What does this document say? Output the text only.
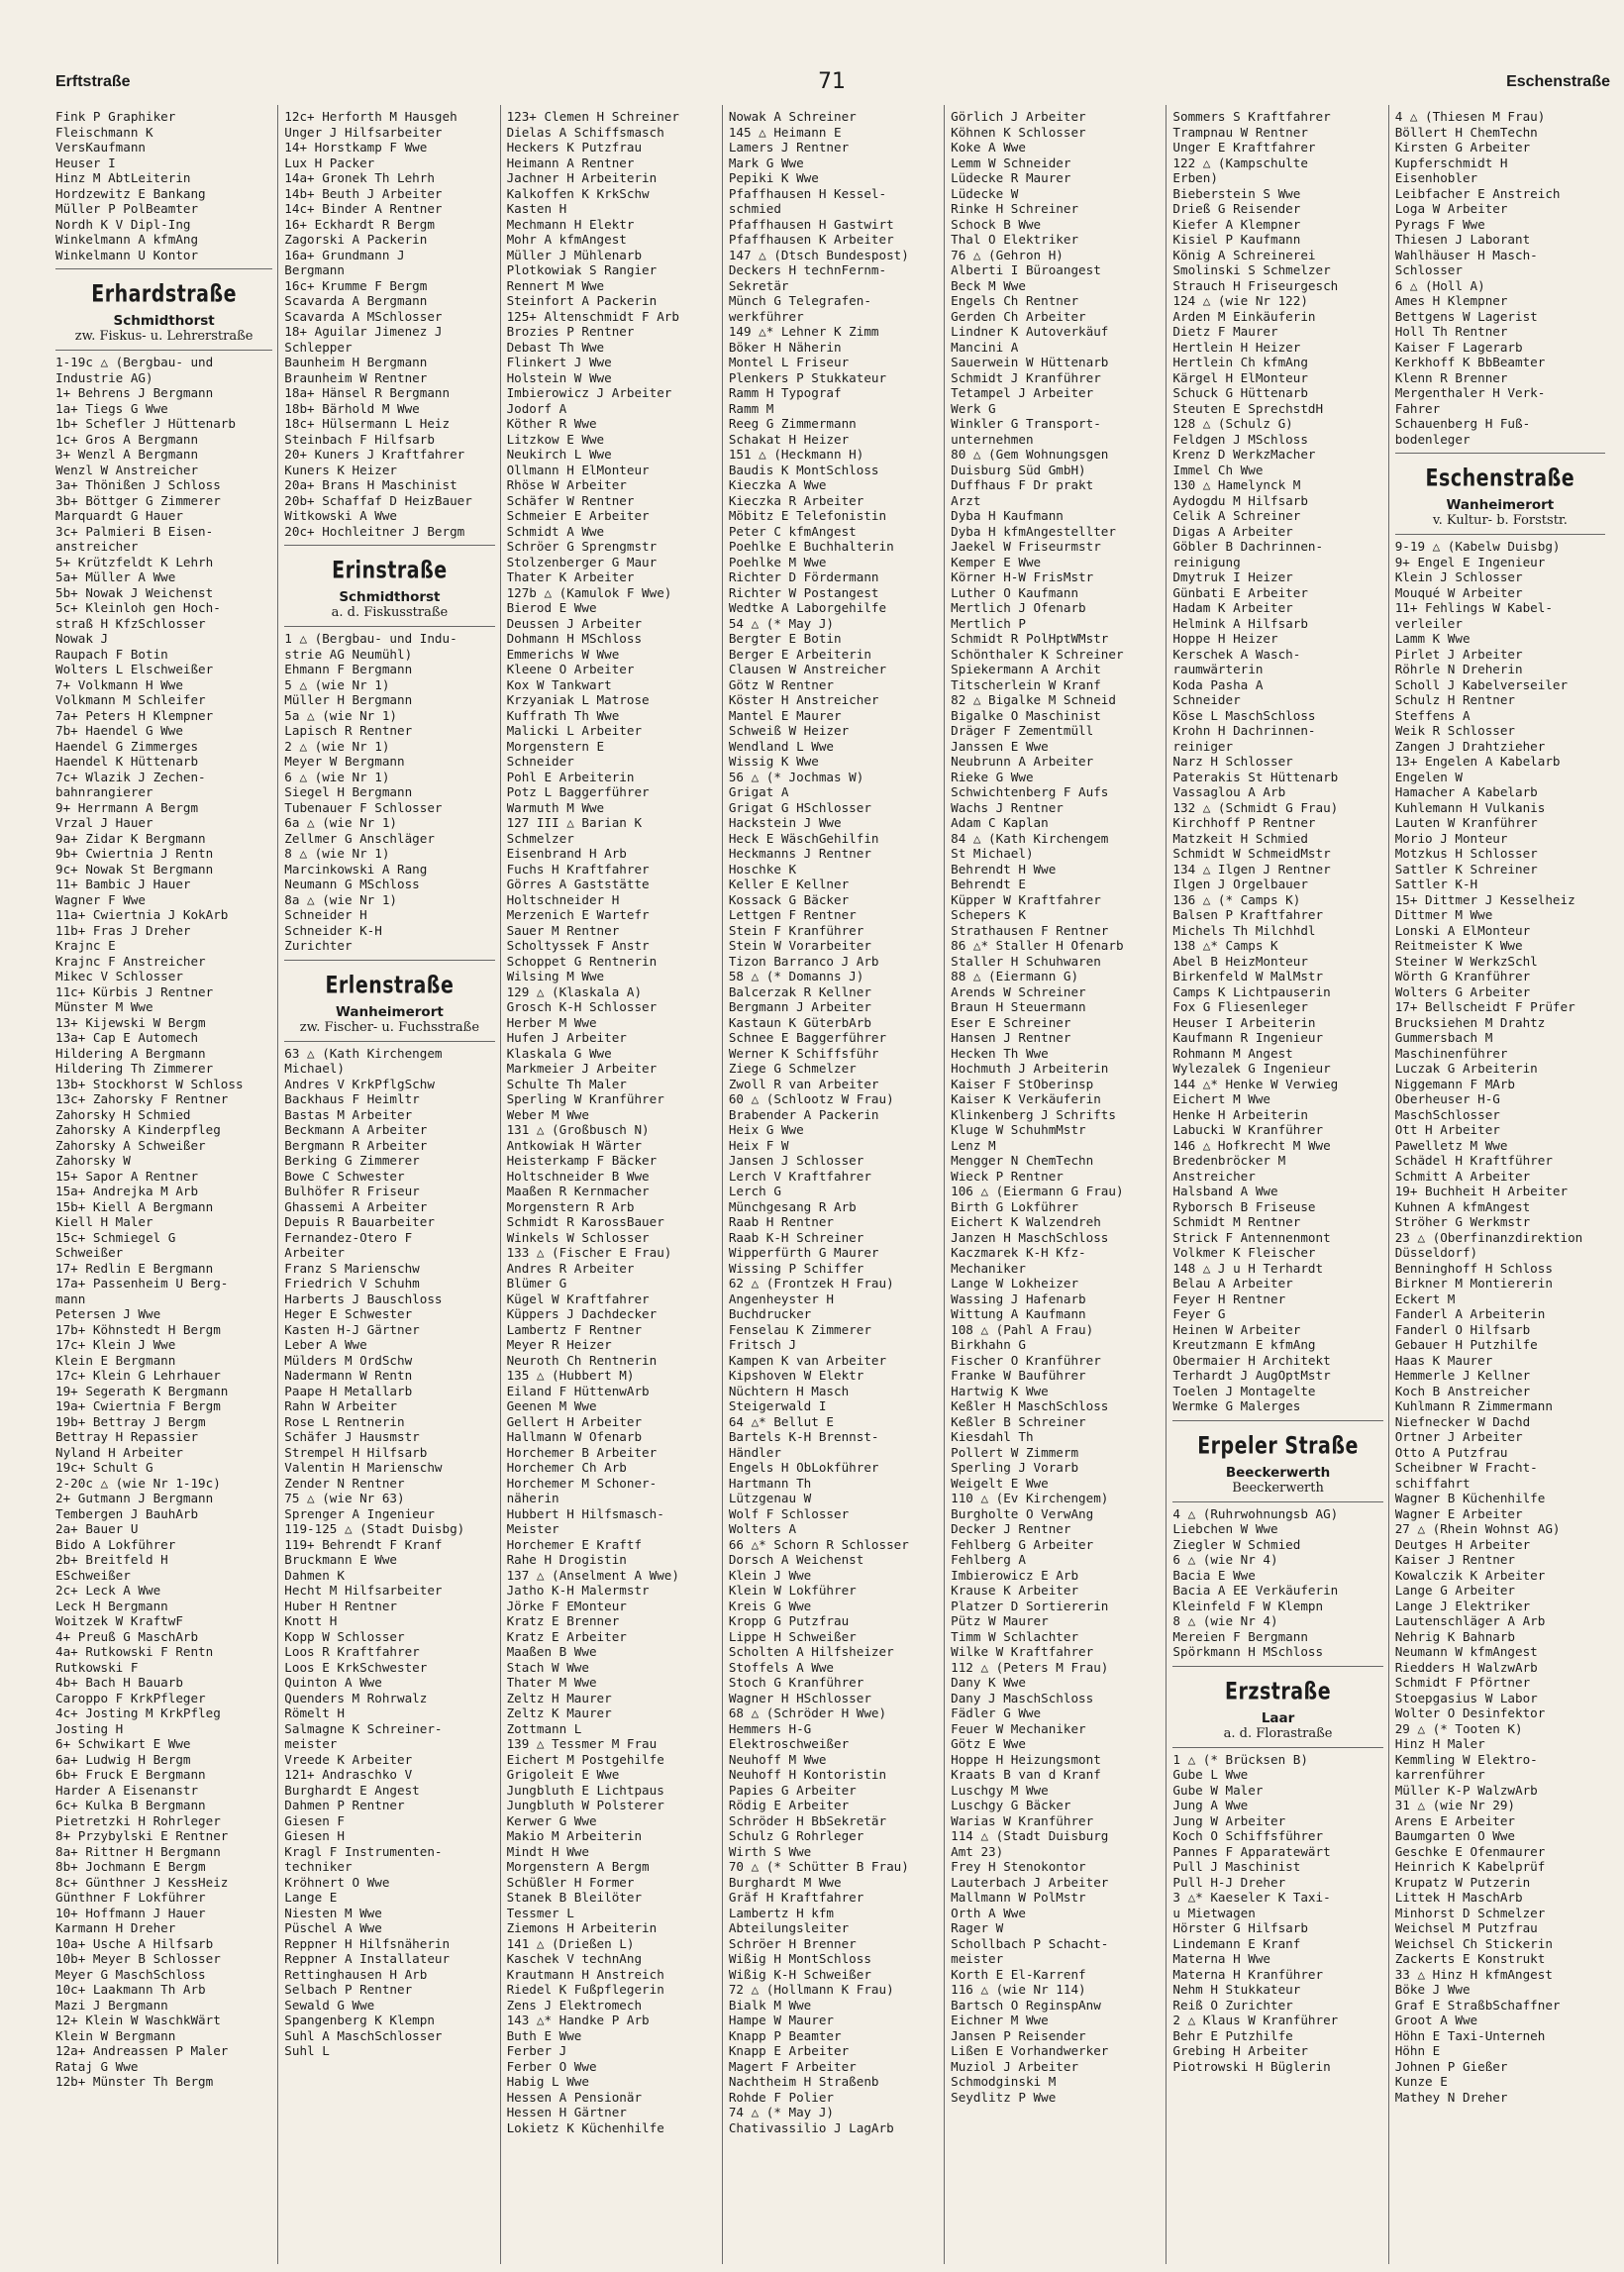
Erftstraße	71	Eschenstraße
Fink P Graphiker
Fleischmann K
VersKaufmann
Heuser I
Hinz M AbtLeiterin
Hordzewitz E Bankang
Müller P PolBeamter
Nordh K V Dipl-Ing
Winkelmann A kfmAng
Winkelmann U Kontor
Erhardstraße
Schmidthorst
zw. Fiskus- u. Lehrerstraße
1-19c △ (Bergbau- und
Industrie AG)
1+ Behrens J Bergmann
1a+ Tiegs G Wwe
1b+ Schefler J Hüttenarb
1c+ Gros A Bergmann
3+ Wenzl A Bergmann
Wenzl W Anstreicher
3a+ Thönißen J Schloss
3b+ Böttger G Zimmerer
Marquardt G Hauer
3c+ Palmieri B Eisen-
anstreicher
5+ Krützfeldt K Lehrh
5a+ Müller A Wwe
5b+ Nowak J Weichenst
5c+ Kleinloh gen Hoch-
straß H KfzSchlosser
Nowak J
Raupach F Botin
Wolters L Elschweißer
7+ Volkmann H Wwe
Volkmann M Schleifer
7a+ Peters H Klempner
7b+ Haendel G Wwe
Haendel G Zimmerges
Haendel K Hüttenarb
7c+ Wlazik J Zechen-
bahnrangierer
9+ Herrmann A Bergm
Vrzal J Hauer
9a+ Zidar K Bergmann
9b+ Cwiertnia J Rentn
9c+ Nowak St Bergmann
11+ Bambic J Hauer
Wagner F Wwe
11a+ Cwiertnia J KokArb
11b+ Fras J Dreher
Krajnc E
Krajnc F Anstreicher
Mikec V Schlosser
11c+ Kürbis J Rentner
Münster M Wwe
13+ Kijewski W Bergm
13a+ Cap E Automech
Hildering A Bergmann
Hildering Th Zimmerer
13b+ Stockhorst W Schloss
13c+ Zahorsky F Rentner
Zahorsky H Schmied
Zahorsky A Kinderpfleg
Zahorsky A Schweißer
Zahorsky W
15+ Sapor A Rentner
15a+ Andrejka M Arb
15b+ Kiell A Bergmann
Kiell H Maler
15c+ Schmiegel G
Schweißer
17+ Redlin E Bergmann
17a+ Passenheim U Berg-
mann
Petersen J Wwe
17b+ Köhnstedt H Bergm
17c+ Klein J Wwe
Klein E Bergmann
17c+ Klein G Lehrhauer
19+ Segerath K Bergmann
19a+ Cwiertnia F Bergm
19b+ Bettray J Bergm
Bettray H Repassier
Nyland H Arbeiter
19c+ Schult G
2-20c △ (wie Nr 1-19c)
2+ Gutmann J Bergmann
Tembergen J BauhArb
2a+ Bauer U
Bido A Lokführer
2b+ Breitfeld H
ESchweißer
2c+ Leck A Wwe
Leck H Bergmann
Woitzek W KraftwF
4+ Preuß G MaschArb
4a+ Rutkowski F Rentn
Rutkowski F
4b+ Bach H Bauarb
Caroppo F KrkPfleger
4c+ Josting M KrkPfleg
Josting H
6+ Schwikart E Wwe
6a+ Ludwig H Bergm
6b+ Fruck E Bergmann
Harder A Eisenanstr
6c+ Kulka B Bergmann
Pietretzki H Rohrleger
8+ Przybylski E Rentner
8a+ Rittner H Bergmann
8b+ Jochmann E Bergm
8c+ Günthner J KessHeiz
Günthner F Lokführer
10+ Hoffmann J Hauer
Karmann H Dreher
10a+ Usche A Hilfsarb
10b+ Meyer B Schlosser
Meyer G MaschSchloss
10c+ Laakmann Th Arb
Mazi J Bergmann
12+ Klein W WaschkWärt
Klein W Bergmann
12a+ Andreassen P Maler
Rataj G Wwe
12b+ Münster Th Bergm
12c+ Herforth M Hausgeh
Unger J Hilfsarbeiter
14+ Horstkamp F Wwe
Lux H Packer
14a+ Gronek Th Lehrh
14b+ Beuth J Arbeiter
14c+ Binder A Rentner
16+ Eckhardt R Bergm
Zagorski A Packerin
16a+ Grundmann J
Bergmann
16c+ Krumme F Bergm
Scavarda A Bergmann
Scavarda A MSchlosser
18+ Aguilar Jimenez J
Schlepper
Baunheim H Bergmann
Braunheim W Rentner
18a+ Hänsel R Bergmann
18b+ Bärhold M Wwe
18c+ Hülsermann L Heiz
Steinbach F Hilfsarb
20+ Kuners J Kraftfahrer
Kuners K Heizer
20a+ Brans H Maschinist
20b+ Schaffaf D HeizBauer
Witkowski A Wwe
20c+ Hochleitner J Bergm
Erinstraße
Schmidthorst
a. d. Fiskusstraße
1 △ (Bergbau- und Indu-
strie AG Neumühl)
Ehmann F Bergmann
5 △ (wie Nr 1)
Müller H Bergmann
5a △ (wie Nr 1)
Lapisch R Rentner
2 △ (wie Nr 1)
Meyer W Bergmann
6 △ (wie Nr 1)
Siegel H Bergmann
Tubenauer F Schlosser
6a △ (wie Nr 1)
Zellmer G Anschläger
8 △ (wie Nr 1)
Marcinkowski A Rang
Neumann G MSchloss
8a △ (wie Nr 1)
Schneider H
Schneider K-H
Zurichter
Erlenstraße
Wanheimerort
zw. Fischer- u. Fuchsstraße
63 △ (Kath Kirchengem
Michael)
Andres V KrkPflgSchw
Backhaus F Heimltr
Bastas M Arbeiter
Beckmann A Arbeiter
Bergmann R Arbeiter
Berking G Zimmerer
Bowe C Schwester
Bulhöfer R Friseur
Ghassemi A Arbeiter
Depuis R Bauarbeiter
Fernandez-Otero F
Arbeiter
Franz S Marienschw
Friedrich V Schuhm
Harberts J Bauschloss
Heger E Schwester
Kasten H-J Gärtner
Leber A Wwe
Mülders M OrdSchw
Nadermann W Rentn
Paape H Metallarb
Rahn W Arbeiter
Rose L Rentnerin
Schäfer J Hausmstr
Strempel H Hilfsarb
Valentin H Marienschw
Zender N Rentner
75 △ (wie Nr 63)
Sprenger A Ingenieur
119-125 △ (Stadt Duisbg)
119+ Behrendt F Kranf
Bruckmann E Wwe
Dahmen K
Hecht M Hilfsarbeiter
Huber H Rentner
Knott H
Kopp W Schlosser
Loos R Kraftfahrer
Loos E KrkSchwester
Quinton A Wwe
Quenders M Rohrwalz
Römelt H
Salmagne K Schreiner-
meister
Vreede K Arbeiter
121+ Andraschko V
Burghardt E Angest
Dahmen P Rentner
Giesen F
Giesen H
Kragl F Instrumenten-
techniker
Kröhnert O Wwe
Lange E
Niesten M Wwe
Püschel A Wwe
Reppner H Hilfsnäherin
Reppner A Installateur
Rettinghausen H Arb
Selbach P Rentner
Sewald G Wwe
Spangenberg K Klempn
Suhl A MaschSchlosser
Suhl L
123+ Clemen H Schreiner
Dielas A Schiffsmasch
Heckers K Putzfrau
Heimann A Rentner
Jachner H Arbeiterin
Kalkoffen K KrkSchw
Kasten H
Mechmann H Elektr
Mohr A kfmAngest
Müller J Mühlenarb
Plotkowiak S Rangier
Rennert M Wwe
Steinfort A Packerin
125+ Altenschmidt F Arb
Brozies P Rentner
Debast Th Wwe
Flinkert J Wwe
Holstein W Wwe
Imbierowicz J Arbeiter
Jodorf A
Köther R Wwe
Litzkow E Wwe
Neukirch L Wwe
Ollmann H ElMonteur
Rhöse W Arbeiter
Schäfer W Rentner
Schmeier E Arbeiter
Schmidt A Wwe
Schröer G Sprengmstr
Stolzenberger G Maur
Thater K Arbeiter
127b △ (Kamulok F Wwe)
Bierod E Wwe
Deussen J Arbeiter
Dohmann H MSchloss
Emmerichs W Wwe
Kleene O Arbeiter
Kox W Tankwart
Krzyaniak L Matrose
Kuffrath Th Wwe
Malicki L Arbeiter
Morgenstern E
Schneider
Pohl E Arbeiterin
Potz L Baggerführer
Warmuth M Wwe
127 III △ Barian K
Schmelzer
Eisenbrand H Arb
Fuchs H Kraftfahrer
Görres A Gaststätte
Holtschneider H
Merzenich E Wartefr
Sauer M Rentner
Scholtyssek F Anstr
Schoppet G Rentnerin
Wilsing M Wwe
129 △ (Klaskala A)
Grosch K-H Schlosser
Herber M Wwe
Hufen J Arbeiter
Klaskala G Wwe
Markmeier J Arbeiter
Schulte Th Maler
Sperling W Kranführer
Weber M Wwe
131 △ (Großbusch N)
Antkowiak H Wärter
Heisterkamp F Bäcker
Holtschneider B Wwe
Maaßen R Kernmacher
Morgenstern R Arb
Schmidt R KarossBauer
Winkels W Schlosser
133 △ (Fischer E Frau)
Andres R Arbeiter
Blümer G
Kügel W Kraftfahrer
Küppers J Dachdecker
Lambertz F Rentner
Meyer R Heizer
Neuroth Ch Rentnerin
135 △ (Hubbert M)
Eiland F HüttenwArb
Geenen M Wwe
Gellert H Arbeiter
Hallmann W Ofenarb
Horchemer B Arbeiter
Horchemer Ch Arb
Horchemer M Schoner-
näherin
Hubbert H Hilfsmasch-
Meister
Horchemer E Kraftf
Rahe H Drogistin
137 △ (Anselment A Wwe)
Jatho K-H Malermstr
Jörke F EMonteur
Kratz E Brenner
Kratz E Arbeiter
Maaßen B Wwe
Stach W Wwe
Thater M Wwe
Zeltz H Maurer
Zeltz K Maurer
Zottmann L
139 △ Tessmer M Frau
Eichert M Postgehilfe
Grigoleit E Wwe
Jungbluth E Lichtpaus
Jungbluth W Polsterer
Kerwer G Wwe
Makio M Arbeiterin
Mindt H Wwe
Morgenstern A Bergm
Schüßler H Former
Stanek B Bleilöter
Tessmer L
Ziemons H Arbeiterin
141 △ (Drießen L)
Kaschek V technAng
Krautmann H Anstreich
Riedel K Fußpflegerin
Zens J Elektromech
143 △* Handke P Arb
Buth E Wwe
Ferber J
Ferber O Wwe
Habig L Wwe
Hessen A Pensionär
Hessen H Gärtner
Lokietz K Küchenhilfe
Nowak A Schreiner
145 △ Heimann E
Lamers J Rentner
Mark G Wwe
Pepiki K Wwe
Pfaffhausen H Kessel-
schmied
Pfaffhausen H Gastwirt
Pfaffhausen K Arbeiter
147 △ (Dtsch Bundespost)
Deckers H technFernm-
Sekretär
Münch G Telegrafen-
werkführer
149 △* Lehner K Zimm
Böker H Näherin
Montel L Friseur
Plenkers P Stukkateur
Ramm H Typograf
Ramm M
Reeg G Zimmermann
Schakat H Heizer
151 △ (Heckmann H)
Baudis K MontSchloss
Kieczka A Wwe
Kieczka R Arbeiter
Möbitz E Telefonistin
Peter C kfmAngest
Poehlke E Buchhalterin
Poehlke M Wwe
Richter D Fördermann
Richter W Postangest
Wedtke A Laborgehilfe
54 △ (* May J)
Bergter E Botin
Berger E Arbeiterin
Clausen W Anstreicher
Götz W Rentner
Köster H Anstreicher
Mantel E Maurer
Schweiß W Heizer
Wendland L Wwe
Wissig K Wwe
56 △ (* Jochmas W)
Grigat A
Grigat G HSchlosser
Hackstein J Wwe
Heck E WäschGehilfin
Heckmanns J Rentner
Hoschke K
Keller E Kellner
Kossack G Bäcker
Lettgen F Rentner
Stein F Kranführer
Stein W Vorarbeiter
Tizon Barranco J Arb
58 △ (* Domanns J)
Balcerzak R Kellner
Bergmann J Arbeiter
Kastaun K GüterbArb
Schnee E Baggerführer
Werner K Schiffsführ
Ziege G Schmelzer
Zwoll R van Arbeiter
60 △ (Schlootz W Frau)
Brabender A Packerin
Heix G Wwe
Heix F W
Jansen J Schlosser
Lerch V Kraftfahrer
Lerch G
Münchgesang R Arb
Raab H Rentner
Raab K-H Schreiner
Wipperfürth G Maurer
Wissing P Schiffer
62 △ (Frontzek H Frau)
Angenheyster H
Buchdrucker
Fenselau K Zimmerer
Fritsch J
Kampen K van Arbeiter
Kipshoven W Elektr
Nüchtern H Masch
Steigerwald I
64 △* Bellut E
Bartels K-H Brennst-
Händler
Engels H ObLokführer
Hartmann Th
Lützgenau W
Wolf F Schlosser
Wolters A
66 △* Schorn R Schlosser
Dorsch A Weichenst
Klein J Wwe
Klein W Lokführer
Kreis G Wwe
Kropp G Putzfrau
Lippe H Schweißer
Scholten A Hilfsheizer
Stoffels A Wwe
Stoch G Kranführer
Wagner H HSchlosser
68 △ (Schröder H Wwe)
Hemmers H-G
Elektroschweißer
Neuhoff M Wwe
Neuhoff H Kontoristin
Papies G Arbeiter
Rödig E Arbeiter
Schröder H BbSekretär
Schulz G Rohrleger
Wirth S Wwe
70 △ (* Schütter B Frau)
Burghardt M Wwe
Gräf H Kraftfahrer
Lambertz H kfm
Abteilungsleiter
Schröer H Brenner
Wißig H MontSchloss
Wißig K-H Schweißer
72 △ (Hollmann K Frau)
Bialk M Wwe
Hampe W Maurer
Knapp P Beamter
Knapp E Arbeiter
Magert F Arbeiter
Nachtheim H Straßenb
Rohde F Polier
74 △ (* May J)
Chativassilio J LagArb
Görlich J Arbeiter
Köhnen K Schlosser
Koke A Wwe
Lemm W Schneider
Lüdecke R Maurer
Lüdecke W
Rinke H Schreiner
Schock B Wwe
Thal O Elektriker
76 △ (Gehron H)
Alberti I Büroangest
Beck M Wwe
Engels Ch Rentner
Gerden Ch Arbeiter
Lindner K Autoverkäuf
Mancini A
Sauerwein W Hüttenarb
Schmidt J Kranführer
Tetampel J Arbeiter
Werk G
Winkler G Transport-
unternehmen
80 △ (Gem Wohnungsgen
Duisburg Süd GmbH)
Duffhaus F Dr prakt
Arzt
Dyba H Kaufmann
Dyba H kfmAngestellter
Jaekel W Friseurmstr
Kemper E Wwe
Körner H-W FrisMstr
Luther O Kaufmann
Mertlich J Ofenarb
Mertlich P
Schmidt R PolHptWMstr
Schönthaler K Schreiner
Spiekermann A Archit
Titscherlein W Kranf
82 △ Bigalke M Schneid
Bigalke O Maschinist
Dräger F Zementmüll
Janssen E Wwe
Neubrunn A Arbeiter
Rieke G Wwe
Schwichtenberg F Aufs
Wachs J Rentner
Adam C Kaplan
84 △ (Kath Kirchengem
St Michael)
Behrendt H Wwe
Behrendt E
Küpper W Kraftfahrer
Schepers K
Strathausen F Rentner
86 △* Staller H Ofenarb
Staller H Schuhwaren
88 △ (Eiermann G)
Arends W Schreiner
Braun H Steuermann
Eser E Schreiner
Hansen J Rentner
Hecken Th Wwe
Hochmuth J Arbeiterin
Kaiser F StOberinsp
Kaiser K Verkäuferin
Klinkenberg J Schrifts
Kluge W SchuhmMstr
Lenz M
Mengger N ChemTechn
Wieck P Rentner
106 △ (Eiermann G Frau)
Birth G Lokführer
Eichert K Walzendreh
Janzen H MaschSchloss
Kaczmarek K-H Kfz-
Mechaniker
Lange W Lokheizer
Wassing J Hafenarb
Wittung A Kaufmann
108 △ (Pahl A Frau)
Birkhahn G
Fischer O Kranführer
Franke W Bauführer
Hartwig K Wwe
Keßler H MaschSchloss
Keßler B Schreiner
Kiesdahl Th
Pollert W Zimmerm
Sperling J Vorarb
Weigelt E Wwe
110 △ (Ev Kirchengem)
Burgholte O VerwAng
Decker J Rentner
Fehlberg G Arbeiter
Fehlberg A
Imbierowicz E Arb
Krause K Arbeiter
Platzer D Sortiererin
Pütz W Maurer
Timm W Schlachter
Wilke W Kraftfahrer
112 △ (Peters M Frau)
Dany K Wwe
Dany J MaschSchloss
Fädler G Wwe
Feuer W Mechaniker
Götz E Wwe
Hoppe H Heizungsmont
Kraats B van d Kranf
Luschgy M Wwe
Luschgy G Bäcker
Warias W Kranführer
114 △ (Stadt Duisburg
Amt 23)
Frey H Stenokontor
Lauterbach J Arbeiter
Mallmann W PolMstr
Orth A Wwe
Rager W
Schollbach P Schacht-
meister
Korth E El-Karrenf
116 △ (wie Nr 114)
Bartsch O ReginspAnw
Eichner M Wwe
Jansen P Reisender
Lißen E Vorhandwerker
Muziol J Arbeiter
Schmodginski M
Seydlitz P Wwe
Sommers S Kraftfahrer
Trampnau W Rentner
Unger E Kraftfahrer
122 △ (Kampschulte
Erben)
Bieberstein S Wwe
Drieß G Reisender
Kiefer A Klempner
Kisiel P Kaufmann
König A Schreinerei
Smolinski S Schmelzer
Strauch H Friseurgesch
124 △ (wie Nr 122)
Arden M Einkäuferin
Dietz F Maurer
Hertlein H Heizer
Hertlein Ch kfmAng
Kärgel H ElMonteur
Schuck G Hüttenarb
Steuten E SprechstdH
128 △ (Schulz G)
Feldgen J MSchloss
Krenz D WerkzMacher
Immel Ch Wwe
130 △ Hamelynck M
Aydogdu M Hilfsarb
Celik A Schreiner
Digas A Arbeiter
Göbler B Dachrinnen-
reinigung
Dmytruk I Heizer
Günbati E Arbeiter
Hadam K Arbeiter
Helmink A Hilfsarb
Hoppe H Heizer
Kerschek A Wasch-
raumwärterin
Koda Pasha A
Schneider
Köse L MaschSchloss
Krohn H Dachrinnen-
reiniger
Narz H Schlosser
Paterakis St Hüttenarb
Vassaglou A Arb
132 △ (Schmidt G Frau)
Kirchhoff P Rentner
Matzkeit H Schmied
Schmidt W SchmeidMstr
134 △ Ilgen J Rentner
Ilgen J Orgelbauer
136 △ (* Camps K)
Balsen P Kraftfahrer
Michels Th Milchhdl
138 △* Camps K
Abel B HeizMonteur
Birkenfeld W MalMstr
Camps K Lichtpauserin
Fox G Fliesenleger
Heuser I Arbeiterin
Kaufmann R Ingenieur
Rohmann M Angest
Wylezalek G Ingenieur
144 △* Henke W Verwieg
Eichert M Wwe
Henke H Arbeiterin
Labucki W Kranführer
146 △ Hofkrecht M Wwe
Bredenbröcker M
Anstreicher
Halsband A Wwe
Ryborsch B Friseuse
Schmidt M Rentner
Strick F Antennenmont
Volkmer K Fleischer
148 △ J u H Terhardt
Belau A Arbeiter
Feyer H Rentner
Feyer G
Heinen W Arbeiter
Kreutzmann E kfmAng
Obermaier H Architekt
Terhardt J AugOptMstr
Toelen J Montagelte
Wermke G Malerges
Erpeler Straße
Beeckerwerth
Beeckerwerth
4 △ (Ruhrwohnungsb AG)
Liebchen W Wwe
Ziegler W Schmied
6 △ (wie Nr 4)
Bacia E Wwe
Bacia A EE Verkäuferin
Kleinfeld F W Klempn
8 △ (wie Nr 4)
Mereien F Bergmann
Spörkmann H MSchloss
Erzstraße
Laar
a. d. Florastraße
1 △ (* Brücksen B)
Gube L Wwe
Gube W Maler
Jung A Wwe
Jung W Arbeiter
Koch O Schiffsführer
Pannes F Apparatewärt
Pull J Maschinist
Pull H-J Dreher
3 △* Kaeseler K Taxi-
u Mietwagen
Hörster G Hilfsarb
Lindemann E Kranf
Materna H Wwe
Materna H Kranführer
Nehm H Stukkateur
Reiß O Zurichter
2 △ Klaus W Kranführer
Behr E Putzhilfe
Grebing H Arbeiter
Piotrowski H Büglerin
4 △ (Thiesen M Frau)
Böllert H ChemTechn
Kirsten G Arbeiter
Kupferschmidt H
Eisenhobler
Leibfacher E Anstreich
Loga W Arbeiter
Pyrags F Wwe
Thiesen J Laborant
Wahlhäuser H Masch-
Schlosser
6 △ (Holl A)
Ames H Klempner
Bettgens W Lagerist
Holl Th Rentner
Kaiser F Lagerarb
Kerkhoff K BbBeamter
Klenn R Brenner
Mergenthaler H Verk-
Fahrer
Schauenberg H Fuß-
bodenleger
Eschenstraße
Wanheimerort
v. Kultur- b. Forststr.
9-19 △ (Kabelw Duisbg)
9+ Engel E Ingenieur
Klein J Schlosser
Mouqué W Arbeiter
11+ Fehlings W Kabel-
verleiler
Lamm K Wwe
Pirlet J Arbeiter
Röhrle N Dreherin
Scholl J Kabelverseiler
Schulz H Rentner
Steffens A
Weik R Schlosser
Zangen J Drahtzieher
13+ Engelen A Kabelarb
Engelen W
Hamacher A Kabelarb
Kuhlemann H Vulkanis
Lauten W Kranführer
Morio J Monteur
Motzkus H Schlosser
Sattler K Schreiner
Sattler K-H
15+ Dittmer J Kesselheiz
Dittmer M Wwe
Lonski A ElMonteur
Reitmeister K Wwe
Steiner W WerkzSchl
Wörth G Kranführer
Wolters G Arbeiter
17+ Bellscheidt F Prüfer
Brucksiehen M Drahtz
Gummersbach M
Maschinenführer
Luczak G Arbeiterin
Niggemann F MArb
Oberheuser H-G
MaschSchlosser
Ott H Arbeiter
Pawelletz M Wwe
Schädel H Kraftführer
Schmitt A Arbeiter
19+ Buchheit H Arbeiter
Kuhnen A kfmAngest
Ströher G Werkmstr
23 △ (Oberfinanzdirektion
Düsseldorf)
Benninghoff H Schloss
Birkner M Montiererin
Eckert M
Fanderl A Arbeiterin
Fanderl O Hilfsarb
Gebauer H Putzhilfe
Haas K Maurer
Hemmerle J Kellner
Koch B Anstreicher
Kuhlmann R Zimmermann
Niefnecker W Dachd
Ortner J Arbeiter
Otto A Putzfrau
Scheibner W Fracht-
schiffahrt
Wagner B Küchenhilfe
Wagner E Arbeiter
27 △ (Rhein Wohnst AG)
Deutges H Arbeiter
Kaiser J Rentner
Kowalczik K Arbeiter
Lange G Arbeiter
Lange J Elektriker
Lautenschläger A Arb
Nehrig K Bahnarb
Neumann W kfmAngest
Riedders H WalzwArb
Schmidt F Pförtner
Stoepgasius W Labor
Wolter O Desinfektor
29 △ (* Tooten K)
Hinz H Maler
Kemmling W Elektro-
karrenführer
Müller K-P WalzwArb
31 △ (wie Nr 29)
Arens E Arbeiter
Baumgarten O Wwe
Geschke E Ofenmaurer
Heinrich K Kabelprüf
Krupatz W Putzerin
Littek H MaschArb
Minhorst D Schmelzer
Weichsel M Putzfrau
Weichsel Ch Stickerin
Zackerts E Konstrukt
33 △ Hinz H kfmAngest
Böke J Wwe
Graf E StraßbSchaffner
Groot A Wwe
Höhn E Taxi-Unterneh
Höhn E
Johnen P Gießer
Kunze E
Mathey N Dreher
